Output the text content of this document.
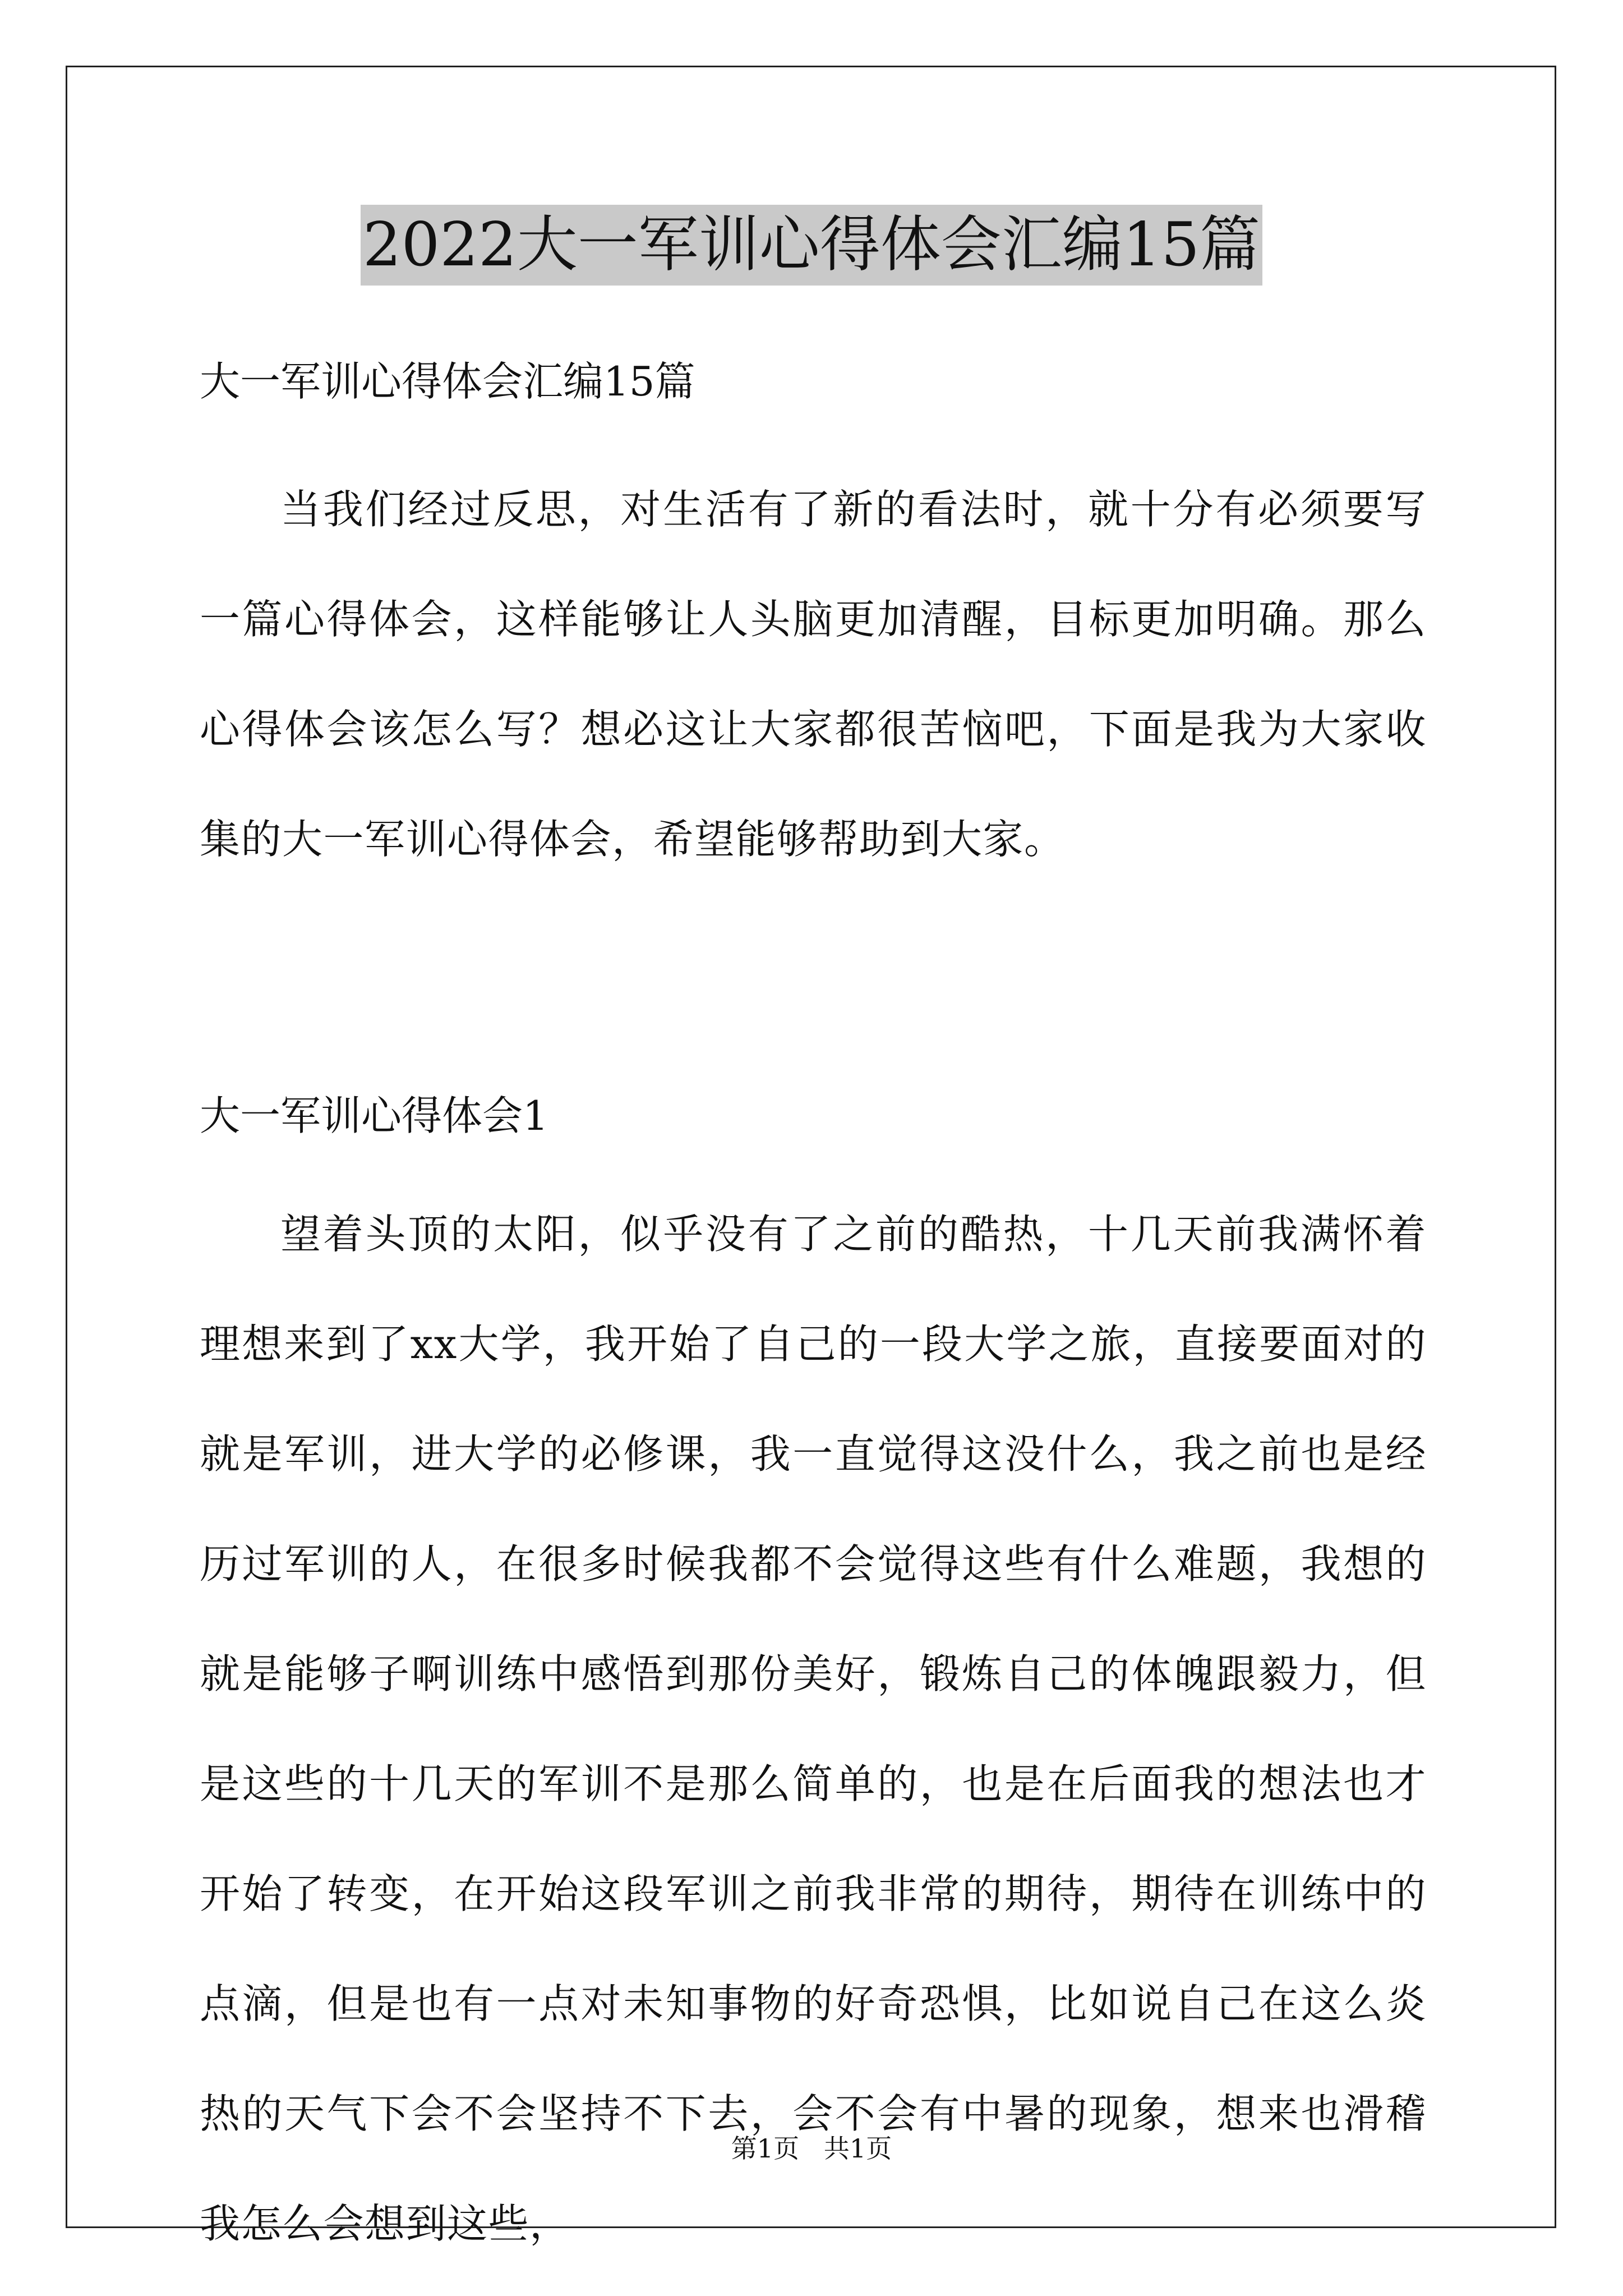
2022大一军训心得体会汇编15篇
大一军训心得体会汇编15篇

当我们经过反思，对生活有了新的看法时，就十分有必须要写一篇心得体会，这样能够让人头脑更加清醒，目标更加明确。那么心得体会该怎么写？想必这让大家都很苦恼吧，下面是我为大家收集的大一军训心得体会，希望能够帮助到大家。

大一军训心得体会1

望着头顶的太阳，似乎没有了之前的酷热，十几天前我满怀着理想来到了xx大学，我开始了自己的一段大学之旅，直接要面对的就是军训，进大学的必修课，我一直觉得这没什么，我之前也是经历过军训的人，在很多时候我都不会觉得这些有什么难题，我想的就是能够子啊训练中感悟到那份美好，锻炼自己的体魄跟毅力，但是这些的十几天的军训不是那么简单的，也是在后面我的想法也才开始了转变，在开始这段军训之前我非常的期待，期待在训练中的点滴，但是也有一点对未知事物的好奇恐惧，比如说自己在这么炎热的天气下会不会坚持不下去，会不会有中暑的现象，想来也滑稽我怎么会想到这些，

第1页   共1页
